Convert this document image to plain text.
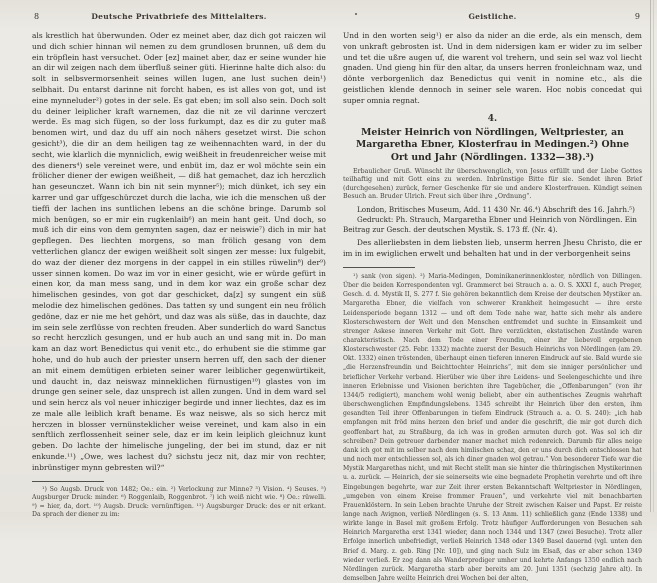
8	Deutsche Privatbriefe des Mittelalters.
als krestlich hat überwunden. Oder ez meinet aber, daz dich got raiczen wil und dich schier hinnan wil nemen zu dem grundlosen brunnen, uß dem du ein tröpflein hast versuchet. Oder [ez] mainet aber, daz er seine wunder hie an dir wil zeigen nach dem überfluß seiner güti. Hierinne halte dich also: du solt in selbsvermorsenheit seines willen lugen, ane lust suchen dein¹) selbhait. Du entarst darinne nit forcht haben, es ist alles von got, und ist eine mynneluder²) gotes in der sele. Es gat eben; im soll also sein. Doch solt du deiner leiplicher kraft warnemen, daz die nit ze vil darinne verczert werde. Es mag sich fügen, so der loss furkumpt, daz es dir zu guter maß benomen wirt, und daz du uff ain noch nähers gesetzet wirst. Die schon gesicht³), die dir an dem heiligen tag ze weihennachten ward, in der du secht, wie klarlich die mynniclich, ewig weißheit in freudenreicher weise mit des dieners⁴) sele vereinet were, und enbüt im, daz er wol möchte sein ein frölicher diener der ewigen weißheit, — diß hat gemachet, daz ich herczlich han geseunczet. Wann ich bin nit sein mynner⁵); mich dünket, ich sey ein karrer und gar uffgeschürczet durch die lacha, wie ich die menschen uß der tieffi der lachen ins suntlichen lebens an die schöne bringe. Darumb sol mich benügen, so er mir ein rugkenlaib⁶) an mein hant geit. Und doch, so muß ich dir eins von dem gemynten sagen, daz er neiswie⁷) dich in mir hat gepflegen. Des liechten morgens, so man frölich gesang von dem vetterlichen glancz der ewigen weißheit solt singen zer messe: lux fulgebit, do waz der diener dez morgens in der cappel in ein stilles rüwelin⁸) der⁹) usser sinnen komen. Do waz im vor in einer gesicht, wie er würde gefürt in einen kor, da man mess sang, und in dem kor waz ein große schar dez himelischen gesindes, von got dar geschicket, da[z] sy sungent ein süß melodie dez himelischen gedönes. Das tatten sy und sungent ein neu frölich gedöne, daz er nie me het gehört, und daz was als süße, das in dauchte, daz im sein sele zerflüsse von rechten freuden. Aber sunderlich do ward Sanctus so recht herczlich gesungen, und er hub auch an und sang mit in. Do man kam an daz wort Benedictus qui venit etc., do erhubent sie die stimme gar hohe, und do hub auch der priester unsern herren uff, den sach der diener an mit einem demütigen erbieten seiner warer leiblicher gegenwürtikeit, und daucht in, daz neiswaz minneklichen fürnustigen¹⁰) glastes von im drunge gen seiner sele, daz unsprech ist allen zungen. Und in dem ward sel und sein hercz als vol neuer inhicziger begirde und inner liechtes, daz es im ze male alle leiblich kraft bename. Es waz neiswe, als so sich hercz mit herczen in blosser vernünsteklicher weise vereinet, und kam also in ein senftlich zerflossenheit seiner sele, daz er im kein leiplich gleichnuz kunt geben. Do lachte der himelische jungeling, der bei im stund, daz er nit enkunde.¹¹) „Owe, wes lachest du? sichstu jecz nit, daz mir von rechter, inbrünstiger mynn gebresten wil?“
¹) So Augsb. Druck von 1482; Oe.: ein. ²) Verlockung zur Minne? ³) Vision. ⁴) Seuses. ⁵) Augsburger Druck: minder. ⁶) Roggenlaib, Roggenbrot. ⁷) ich weiß nicht wie. ⁸) Oe.: rüwelli. ⁹) = hier, da, dort. ¹⁰) Augsb. Druck: vernünftigen. ¹¹) Augsburger Druck: des er nit erkant. Da sprach der diener zu im:
Geistliche.	9
Und in den worten seig¹) er also da nider an die erde, als ein mensch, dem von unkraft gebrosten ist. Und in dem nidersigen kam er wider zu im selber und tet die ußre augen uf, die warent vol trehern, und sein sel waz vol liecht gnaden. Und gieng hin für den altar, da unsers herren fronleichnam waz, und dönte verborgenlich daz Benedictus qui venit in nomine etc., als die geistlichen klende dennoch in seiner sele waren. Hoc nobis concedat qui super omnia regnat.
4.
Meister Heinrich von Nördlingen, Weltpriester, an Margaretha Ebner, Klosterfrau in Medingen.²) Ohne Ort und Jahr (Nördlingen. 1332—38).³)
Erbaulicher Gruß. Wünscht ihr überschwenglich, von Jesus erfüllt und der Liebe Gottes teilhaftig und mit Gott eins zu werden. Inbrünstige Bitte für sie. Sendet ihren Brief (durchgesehen) zurück, ferner Geschenke für sie und andere Klosterfrauen. Kündigt seinen Besuch an. Bruder Ulrich. Freut sich über ihre „Ordnung“.
London, Britisches Museum, Add. 11 430 Nr. 46.⁴) Abschrift des 16. Jahrh.⁵)
Gedruckt: Ph. Strauch, Margaretha Ebner und Heinrich von Nördlingen. Ein Beitrag zur Gesch. der deutschen Mystik. S. 173 ff. (Nr. 4).
Des allerliebsten in dem liebsten lieb, unserm herren Jhesu Christo, die er im in im ewiglichen erwelt und behalten hat und in der verborgenheit seins
¹) sank (von sigen). ²) Maria-Medingen, Dominikanerinnenkloster, nördlich von Dillingen. Über die beiden Korrespondenten vgl. Grammerct bei Strauch a. a. O. S. XXXI f., auch Preger, Gesch. d. d. Mystik II, S. 277 f. Sie gehören bekanntlich dem Kreise der deutschen Mystiker an. Margaretha Ebner, die vielfach von schwerer Krankheit heimgesucht — ihre erste Leidensperiode begann 1312 — und oft dem Tode nahe war, hatte sich mehr als andere Klosterschwestern der Welt und den Menschen entfremdet und suchte in Einsamkeit und strenger Askese inneren Verkehr mit Gott. Ihre verzückten, ekstatischen Zustände waren charakteristisch. Nach dem Tode einer Freundin, einer ihr liebevoll ergebenen Klosterschwester (25. Febr. 1332) machte zuerst der Besuch Heinrichs von Nördlingen (am 29. Okt. 1332) einen tröstenden, überhaupt einen tieferen inneren Eindruck auf sie. Bald wurde sie „die Herzensfreundin und Beichttochter Heinrichs“, mit dem sie inniger persönlicher und brieflicher Verkehr verband. Hierüber wie über ihre Leidens- und Seelengeschichte und ihre inneren Erlebnisse und Visionen berichten ihre Tagebücher, die „Offenbarungen“ (von ihr 1344/5 redigiert), manchem wohl wenig beliebt, aber ein authentisches Zeugnis wahrhaft überschwenglichen Empfindungslebens. 1345 schreibt ihr Heinrich über den ersten, ihm gesandten Teil ihrer Offenbarungen in tiefem Eindruck (Strauch a. a. O. S. 240): „ich hab empfangen mit fröd mins herzen den brief und ander die geschrift, die mir got durch dich geoffenbart hat, zu Straßburg, da ich was in großen armuten durch got. Was sol ich dir schreiben? Dein getreuer darbender maner machet mich redenreich. Darumb für alles neige dank ich got mit im selber nach dem himlischen schaz, den er uns durch dich entschlossen hat und noch mer entschliessen sol, als ich diner gnaden wol getrau.“ Von besonderer Tiefe war die Mystik Margarethas nicht, und mit Recht stellt man sie hinter die thüringischen Mystikerinnen u. a. zurück. — Heinrich, der sie seinerseits wie eine begnadete Prophetin verehrte und oft ihre Eingebungen begehrte, war zur Zeit ihrer ersten Bekanntschaft Weltpriester in Nördlingen, „umgeben von einem Kreise frommer Frauen“, und verkehrte viel mit benachbarten Frauenklöstern. In sein Leben brachte Unruhe der Streit zwischen Kaiser und Papst. Er reiste lange nach Avignon, verließ Nördlingen (s. S. 13 Anm. 11) schließlich ganz (Ende 1338) und wirkte lange in Basel mit großem Erfolg. Trotz häufiger Aufforderungen von Besuchen sah Heinrich Margaretha erst 1341 wieder, dann noch 1344 und 1347 (zwei Besuche). Trotz aller Erfolge innerlich unbefriedigt, verließ Heinrich 1348 oder 1349 Basel dauernd (vgl. unten den Brief d. Marg. z. geb. Ring [Nr. 10]), und ging nach Sulz im Elsaß, das er aber schon 1349 wieder verließ. Er zog dann als Wanderprediger umher und kehrte Anfangs 1350 endlich nach Nördlingen zurück. Margaretha starb aber bereits am 20. Juni 1351 (sechzig Jahre alt). In demselben Jahre weilte Heinrich drei Wochen bei der alten,
